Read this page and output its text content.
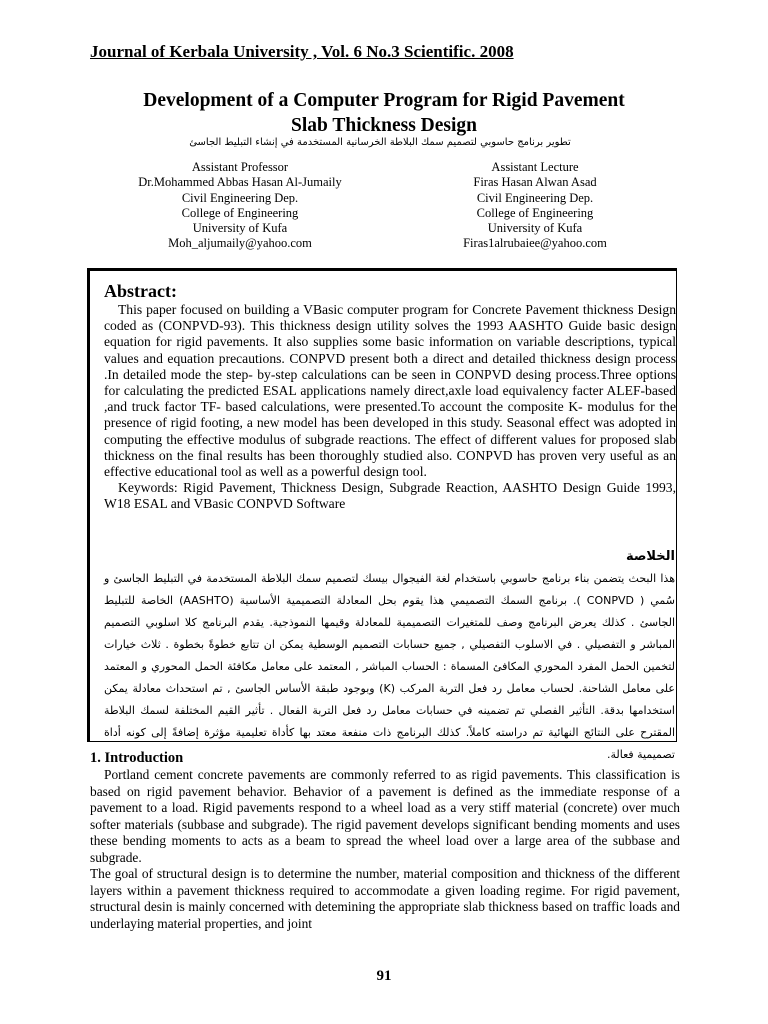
Journal of Kerbala University , Vol. 6 No.3 Scientific. 2008
Development of a Computer Program for Rigid Pavement
Slab Thickness Design
تطوير برنامج حاسوبي لتصميم سمك البلاطة الخرسانية المستخدمة في إنشاء التبليط الجاسئ
Assistant Professor
Dr.Mohammed Abbas Hasan Al-Jumaily
Civil Engineering Dep.
College of Engineering
University of Kufa
Moh_aljumaily@yahoo.com
Assistant Lecture
Firas Hasan Alwan Asad
Civil Engineering Dep.
College of Engineering
University of Kufa
Firas1alrubaiee@yahoo.com
Abstract:

This paper focused on building a VBasic computer program for Concrete Pavement thickness Design coded as (CONPVD-93). This thickness design utility solves the 1993 AASHTO Guide basic design equation for rigid pavements. It also supplies some basic information on variable descriptions, typical values and equation precautions. CONPVD present both a direct and detailed thickness design process .In detailed mode the step- by-step calculations can be seen in CONPVD desing process.Three options for calculating the predicted ESAL applications namely direct,axle load equivalency facter ALEF-based ,and truck factor TF- based calculations, were presented.To account the composite K- modulus for the presence of rigid footing, a new model has been developed in this study. Seasonal effect was adopted in computing the effective modulus of subgrade reactions. The effect of different values for proposed slab thickness on the final results has been thoroughly studied also. CONPVD has proven very useful as an effective educational tool as well as a powerful design tool.

Keywords: Rigid Pavement, Thickness Design, Subgrade Reaction, AASHTO Design Guide 1993, W18 ESAL and VBasic CONPVD Software

الخلاصة
هذا البحث يتضمن بناء برنامج حاسوبي باستخدام لغة الفيجوال بيسك لتصميم سمك البلاطة المستخدمة في التبليط الجاسئ و سُمي ( CONPVD ). برنامج السمك التصميمي هذا يقوم بحل المعادلة التصميمية الأساسية (AASHTO) الخاصة للتبليط الجاسئ . كذلك يعرض البرنامج وصف للمتغيرات التصميمية للمعادلة وقيمها النموذجية. يقدم البرنامج كلا اسلوبي التصميم المباشر و التفصيلي . في الاسلوب التفصيلي , جميع حسابات التصميم الوسطية يمكن ان تتابع خطوةً بخطوة . ثلاث خيارات لتخمين الحمل المفرد المحوري المكافئ المسماة : الحساب المباشر , المعتمد على معامل مكافئة الحمل المحوري و المعتمد على معامل الشاحنة. لحساب معامل رد فعل التربة المركب (K) وبوجود طبقة الأساس الجاسئ , تم استحداث معادلة يمكن استخدامها بدقة. التأثير الفصلي تم تضمينه في حسابات معامل رد فعل التربة الفعال . تأثير القيم المختلفة لسمك البلاطة المقترح على النتائج النهائية تم دراسته كاملاً. كذلك البرنامج ذات منفعة معتد بها كأداة تعليمية مؤثرة إضافةً إلى كونه أداة تصميمية فعالة.
1. Introduction

Portland cement concrete pavements are commonly referred to as rigid pavements. This classification is based on rigid pavement behavior. Behavior of a pavement is defined as the immediate response of a pavement to a load. Rigid pavements respond to a wheel load as a very stiff material (concrete) over much softer materials (subbase and subgrade). The rigid pavement develops significant bending moments and uses these bending moments to acts as a beam to spread the wheel load over a large area of the subbase and subgrade.

The goal of structural design is to determine the number, material composition and thickness of the different layers within a pavement thickness required to accommodate a given loading regime. For rigid pavement, structural desin is mainly concerned with detemining the appropriate slab thickness based on traffic loads and underlaying material properties, and joint

91
